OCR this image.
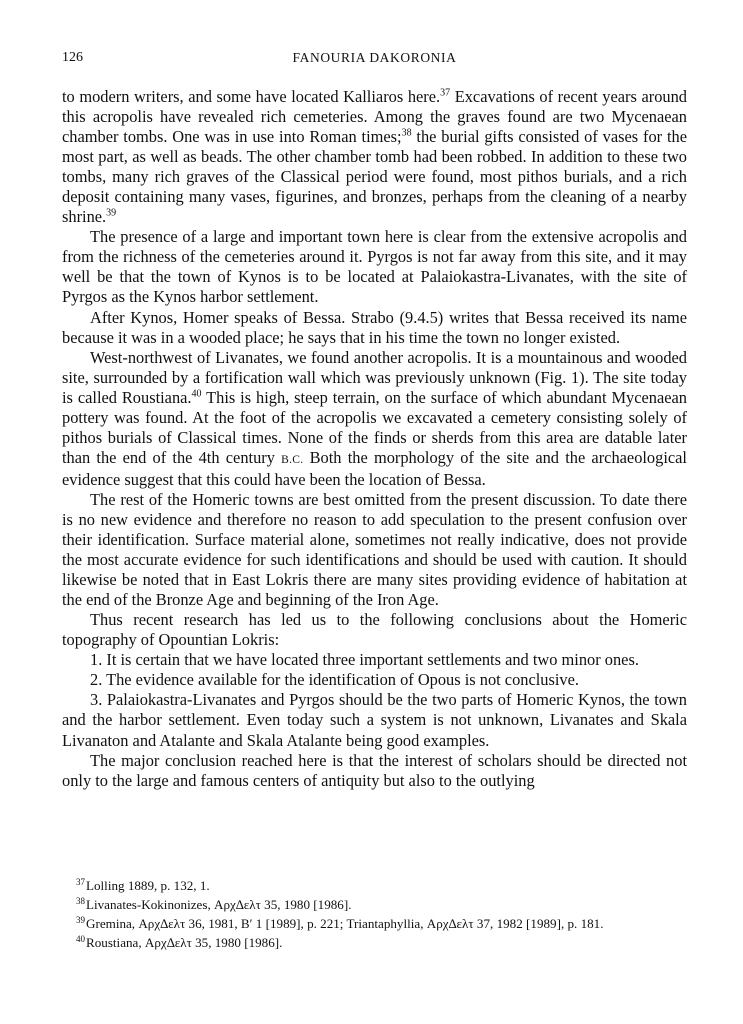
126	FANOURIA DAKORONIA

to modern writers, and some have located Kalliaros here.$^{37}$ Excavations of recent years around this acropolis have revealed rich cemeteries. Among the graves found are two Mycenaean chamber tombs. One was in use into Roman times;$^{38}$ the burial gifts consisted of vases for the most part, as well as beads. The other chamber tomb had been robbed. In addition to these two tombs, many rich graves of the Classical period were found, most pithos burials, and a rich deposit containing many vases, figurines, and bronzes, perhaps from the cleaning of a nearby shrine.$^{39}$

The presence of a large and important town here is clear from the extensive acropolis and from the richness of the cemeteries around it. Pyrgos is not far away from this site, and it may well be that the town of Kynos is to be located at Palaiokastra-Livanates, with the site of Pyrgos as the Kynos harbor settlement.

After Kynos, Homer speaks of Bessa. Strabo (9.4.5) writes that Bessa received its name because it was in a wooded place; he says that in his time the town no longer existed.

West-northwest of Livanates, we found another acropolis. It is a mountainous and wooded site, surrounded by a fortification wall which was previously unknown (Fig. 1). The site today is called Roustiana.$^{40}$ This is high, steep terrain, on the surface of which abundant Mycenaean pottery was found. At the foot of the acropolis we excavated a cemetery consisting solely of pithos burials of Classical times. None of the finds or sherds from this area are datable later than the end of the 4th century B.C. Both the morphology of the site and the archaeological evidence suggest that this could have been the location of Bessa.

The rest of the Homeric towns are best omitted from the present discussion. To date there is no new evidence and therefore no reason to add speculation to the present confusion over their identification. Surface material alone, sometimes not really indicative, does not provide the most accurate evidence for such identifications and should be used with caution. It should likewise be noted that in East Lokris there are many sites providing evidence of habitation at the end of the Bronze Age and beginning of the Iron Age.

Thus recent research has led us to the following conclusions about the Homeric topography of Opountian Lokris:

1. It is certain that we have located three important settlements and two minor ones.

2. The evidence available for the identification of Opous is not conclusive.

3. Palaiokastra-Livanates and Pyrgos should be the two parts of Homeric Kynos, the town and the harbor settlement. Even today such a system is not unknown, Livanates and Skala Livanaton and Atalante and Skala Atalante being good examples.

The major conclusion reached here is that the interest of scholars should be directed not only to the large and famous centers of antiquity but also to the outlying

$^{37}$Lolling 1889, p. 132, 1.

$^{38}$Livanates-Kokinonizes, Αρχ∆ελτ 35, 1980 [1986].

$^{39}$Gremina, Αρχ∆ελτ 36, 1981, B′ 1 [1989], p. 221; Triantaphyllia, Αρχ∆ελτ 37, 1982 [1989], p. 181.

$^{40}$Roustiana, Αρχ∆ελτ 35, 1980 [1986].
